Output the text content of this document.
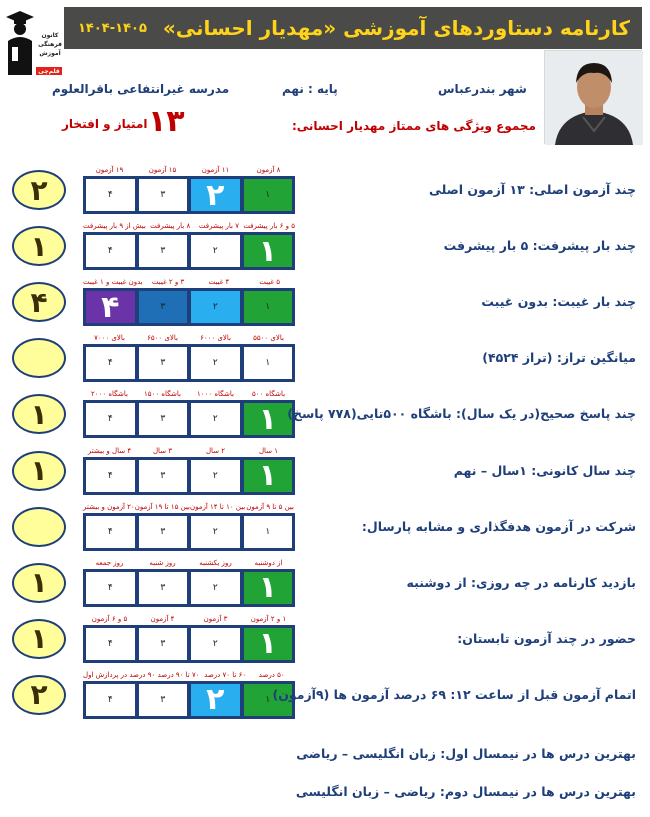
۱۴۰۴-۱۴۰۵ کارنامه دستاوردهای آموزشی «مهدیار احسانی»
کانون
فرهنگی
آموزش
قلم‌چی
شهر بندرعباس
پایه : نهم
مدرسه غیرانتفاعی باقرالعلوم
مجموع ویژگی های ممتاز مهدیار احسانی:
۱۳
امتیاز و افتخار
۲
۱۹ آزمون	۱۵ آزمون	۱۱ آزمون	۸ آزمون
۴	۳	۲	۱	چند آزمون اصلی: ۱۳ آزمون اصلی
۱
بیش از ۹ بار پیشرفت ۸ بار پیشرفت	۷ بار پیشرفت ۵ و ۶ بار پیشرفت
۴	۳	۲	۱	چند بار پیشرفت: ۵ بار پیشرفت
۴
بدون غیبت و ۱ غیبت	۳ و ۲ غیبت	۴ غیبت	۵ غیبت
۴	۳	۲	۱	چند بار غیبت: بدون غیبت
بالای ۷۰۰۰	بالای ۶۵۰۰	بالای ۶۰۰۰	بالای ۵۵۰۰
۴	۳	۲	۱	میانگین تراز: (تراز ۴۵۲۴)
۱
باشگاه ۲۰۰۰	باشگاه ۱۵۰۰	باشگاه ۱۰۰۰	باشگاه ۵۰۰
۴	۳	۲	۱ چند پاسخ صحیح(در یک سال): باشگاه ۵۰۰تایی(۷۷۸ پاسخ)
۱
۴ سال و بیشتر	۳ سال	۲ سال	۱ سال
۴	۳	۲	۱	چند سال کانونی: ۱سال – نهم
۲۰ آزمون و بیشتر بین ۱۵ تا ۱۹ آزمون بین ۱۰ تا ۱۴ آزمون بین ۵ تا ۹ آزمون
۴	۳	۲	۱	شرکت در آزمون هدفگذاری و مشابه پارسال:
۱
روز جمعه	روز شنبه	روز یکشنبه	از دوشنبه
۴	۳	۲	۱	بازدید کارنامه در چه روزی: از دوشنبه
۱
۵ و ۶ آزمون	۴ آزمون	۳ آزمون	۱ و ۲ آزمون
۴	۳	۲	۱	حضور در چند آزمون تابستان:
۲
۹۰ درصد در پردازش اول ۷۰ تا ۹۰ درصد ۶۰ تا ۷۰ درصد	۵۰ درصد
۴	۳	۲	۱ اتمام آزمون قبل از ساعت ۱۲: ۶۹ درصد آزمون ها (۹آزمون)
بهترین درس ها در نیمسال اول: زبان انگلیسی – ریاضی
بهترین درس ها در نیمسال دوم: ریاضی – زبان انگلیسی
